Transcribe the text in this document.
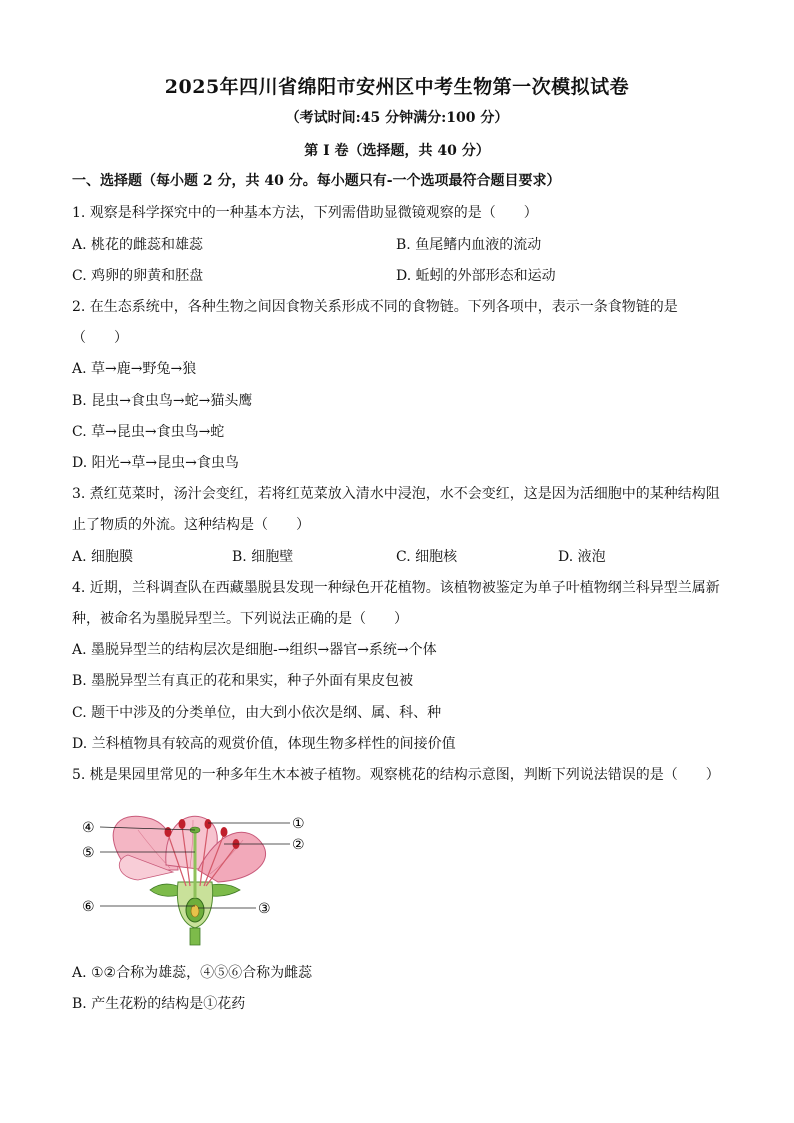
2025年四川省绵阳市安州区中考生物第一次模拟试卷
（考试时间:45 分钟满分:100 分）
第 I 卷（选择题，共 40 分）
一、选择题（每小题 2 分，共 40 分。每小题只有-一个选项最符合题目要求）
1. 观察是科学探究中的一种基本方法，下列需借助显微镜观察的是（　　）
A. 桃花的雌蕊和雄蕊	B. 鱼尾鳍内血液的流动
C. 鸡卵的卵黄和胚盘	D. 蚯蚓的外部形态和运动
2. 在生态系统中，各种生物之间因食物关系形成不同的食物链。下列各项中，表示一条食物链的是
（　　）
A. 草→鹿→野兔→狼
B. 昆虫→食虫鸟→蛇→猫头鹰
C. 草→昆虫→食虫鸟→蛇
D. 阳光→草→昆虫→食虫鸟
3. 煮红苋菜时，汤汁会变红，若将红苋菜放入清水中浸泡，水不会变红，这是因为活细胞中的某种结构阻
止了物质的外流。这种结构是（　　）
A. 细胞膜	B. 细胞壁	C. 细胞核	D. 液泡
4. 近期，兰科调查队在西藏墨脱县发现一种绿色开花植物。该植物被鉴定为单子叶植物纲兰科异型兰属新
种，被命名为墨脱异型兰。下列说法正确的是（　　）
A. 墨脱异型兰的结构层次是细胞-→组织→器官→系统→个体
B. 墨脱异型兰有真正的花和果实，种子外面有果皮包被
C. 题干中涉及的分类单位，由大到小依次是纲、属、科、种
D. 兰科植物具有较高的观赏价值，体现生物多样性的间接价值
5. 桃是果园里常见的一种多年生木本被子植物。观察桃花的结构示意图，判断下列说法错误的是（　　）
④
⑤
⑥
①
②
③
A. ①②合称为雄蕊，④⑤⑥合称为雌蕊
B. 产生花粉的结构是①花药
